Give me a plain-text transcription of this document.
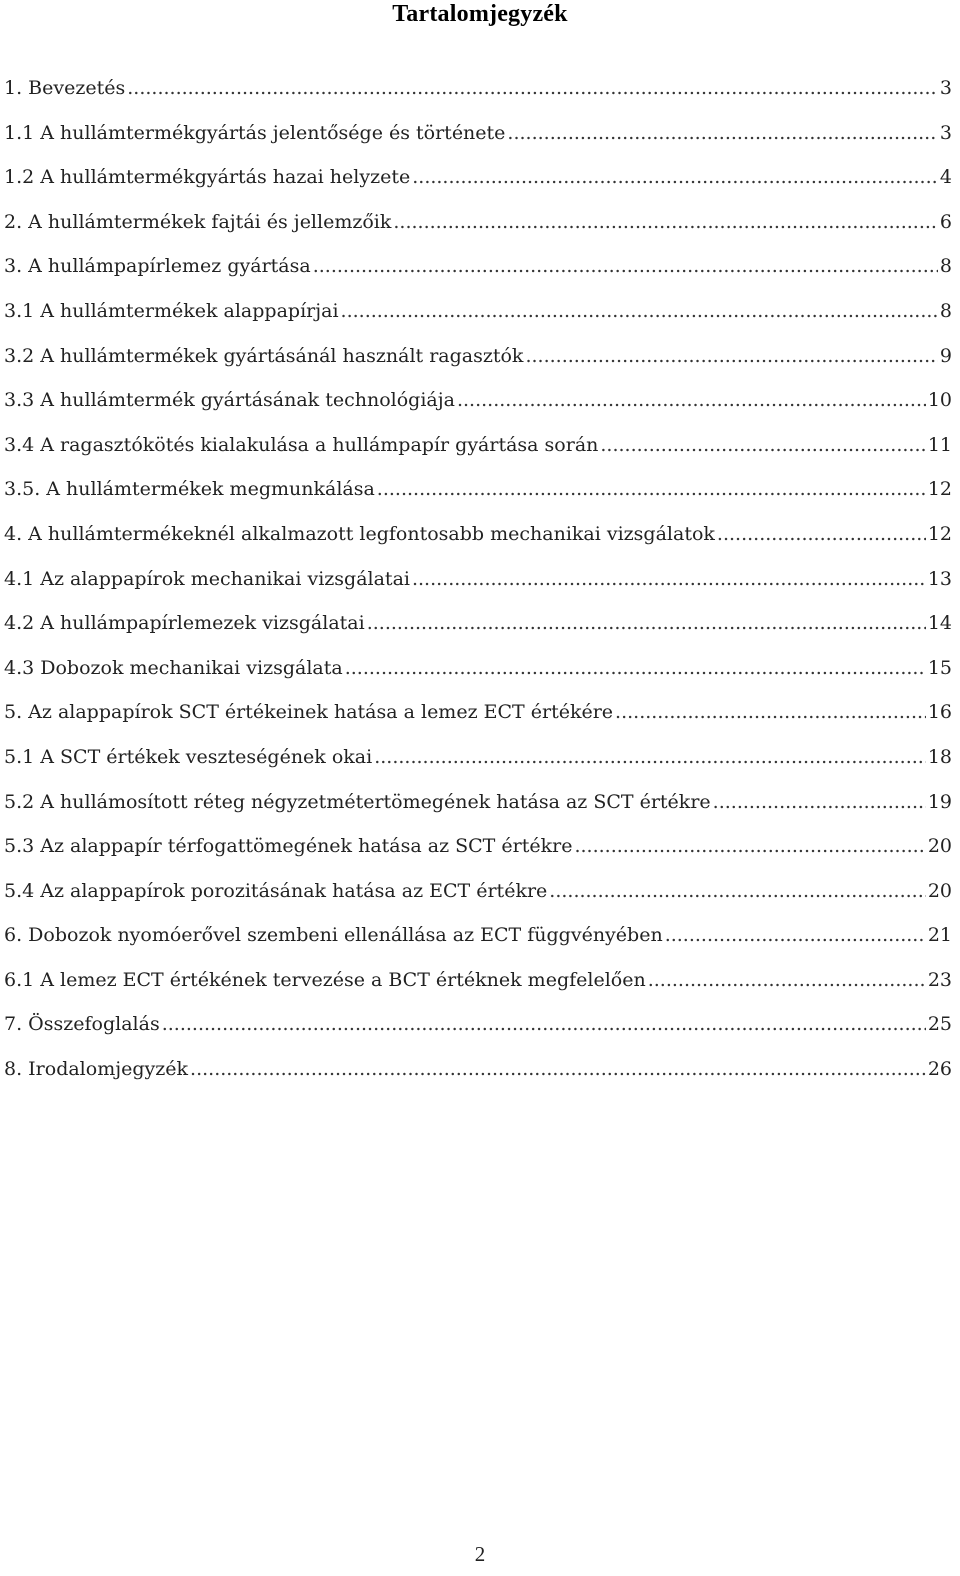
Tartalomjegyzék
1. Bevezetés .....	3
1.1 A hullámtermékgyártás jelentősége és története .....	3
1.2 A hullámtermékgyártás hazai helyzete .....	4
2. A hullámtermékek fajtái és jellemzőik .....	6
3. A hullámpapírlemez gyártása .....	8
3.1 A hullámtermékek alappapírjai .....	8
3.2 A hullámtermékek gyártásánál használt ragasztók .....	9
3.3 A hullámtermék gyártásának technológiája .....	10
3.4 A ragasztókötés kialakulása a hullámpapír gyártása során .....	11
3.5. A hullámtermékek megmunkálása .....	12
4. A hullámtermékeknél alkalmazott legfontosabb mechanikai vizsgálatok .....	12
4.1 Az alappapírok mechanikai vizsgálatai .....	13
4.2 A hullámpapírlemezek vizsgálatai .....	14
4.3 Dobozok mechanikai vizsgálata .....	15
5. Az alappapírok SCT értékeinek hatása a lemez ECT értékére .....	16
5.1 A SCT értékek veszteségének okai .....	18
5.2 A hullámosított réteg négyzetmétertömegének hatása az SCT értékre .....	19
5.3 Az alappapír térfogattömegének hatása az SCT értékre .....	20
5.4 Az alappapírok porozitásának hatása az ECT értékre .....	20
6. Dobozok nyomóerővel szembeni ellenállása az ECT függvényében .....	21
6.1 A lemez ECT értékének tervezése a BCT értéknek megfelelően .....	23
7. Összefoglalás .....	25
8. Irodalomjegyzék .....	26
2
